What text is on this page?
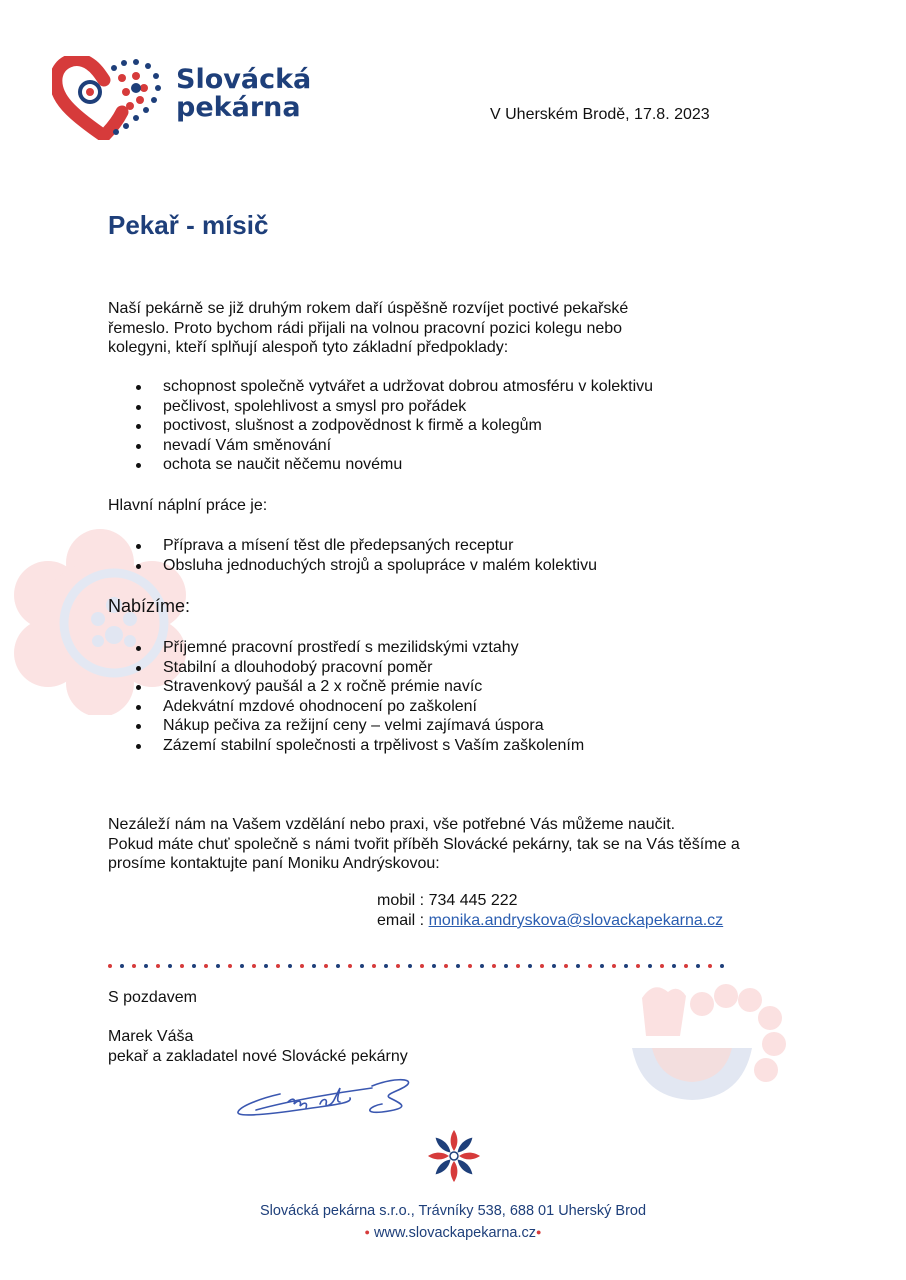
Slovácká
pekárna	V Uherském Brodě, 17.8. 2023
Pekař - mísič
Naší pekárně se již druhým rokem daří úspěšně rozvíjet poctivé pekařské
řemeslo. Proto bychom rádi přijali na volnou pracovní pozici kolegu nebo
kolegyni, kteří splňují alespoň tyto základní předpoklady:
schopnost společně vytvářet a udržovat dobrou atmosféru v kolektivu
pečlivost, spolehlivost a smysl pro pořádek
poctivost, slušnost a zodpovědnost k firmě a kolegům
nevadí Vám směnování
ochota se naučit něčemu novému
Hlavní náplní práce je:
Příprava a mísení těst dle předepsaných receptur
Obsluha jednoduchých strojů a spolupráce v malém kolektivu
Nabízíme:
Příjemné pracovní prostředí s mezilidskými vztahy
Stabilní a dlouhodobý pracovní poměr
Stravenkový paušál a 2 x ročně prémie navíc
Adekvátní mzdové ohodnocení po zaškolení
Nákup pečiva za režijní ceny – velmi zajímavá úspora
Zázemí stabilní společnosti a trpělivost s Vaším zaškolením
Nezáleží nám na Vašem vzdělání nebo praxi, vše potřebné Vás můžeme naučit.
Pokud máte chuť společně s námi tvořit příběh Slovácké pekárny, tak se na Vás těšíme a
prosíme kontaktujte paní Moniku Andrýskovou:
mobil : 734 445 222
email : monika.andryskova@slovackapekarna.cz
S pozdavem
Marek Váša
pekař a zakladatel nové Slovácké pekárny
Slovácká pekárna s.r.o., Trávníky 538, 688 01 Uherský Brod
● www.slovackapekarna.cz●
